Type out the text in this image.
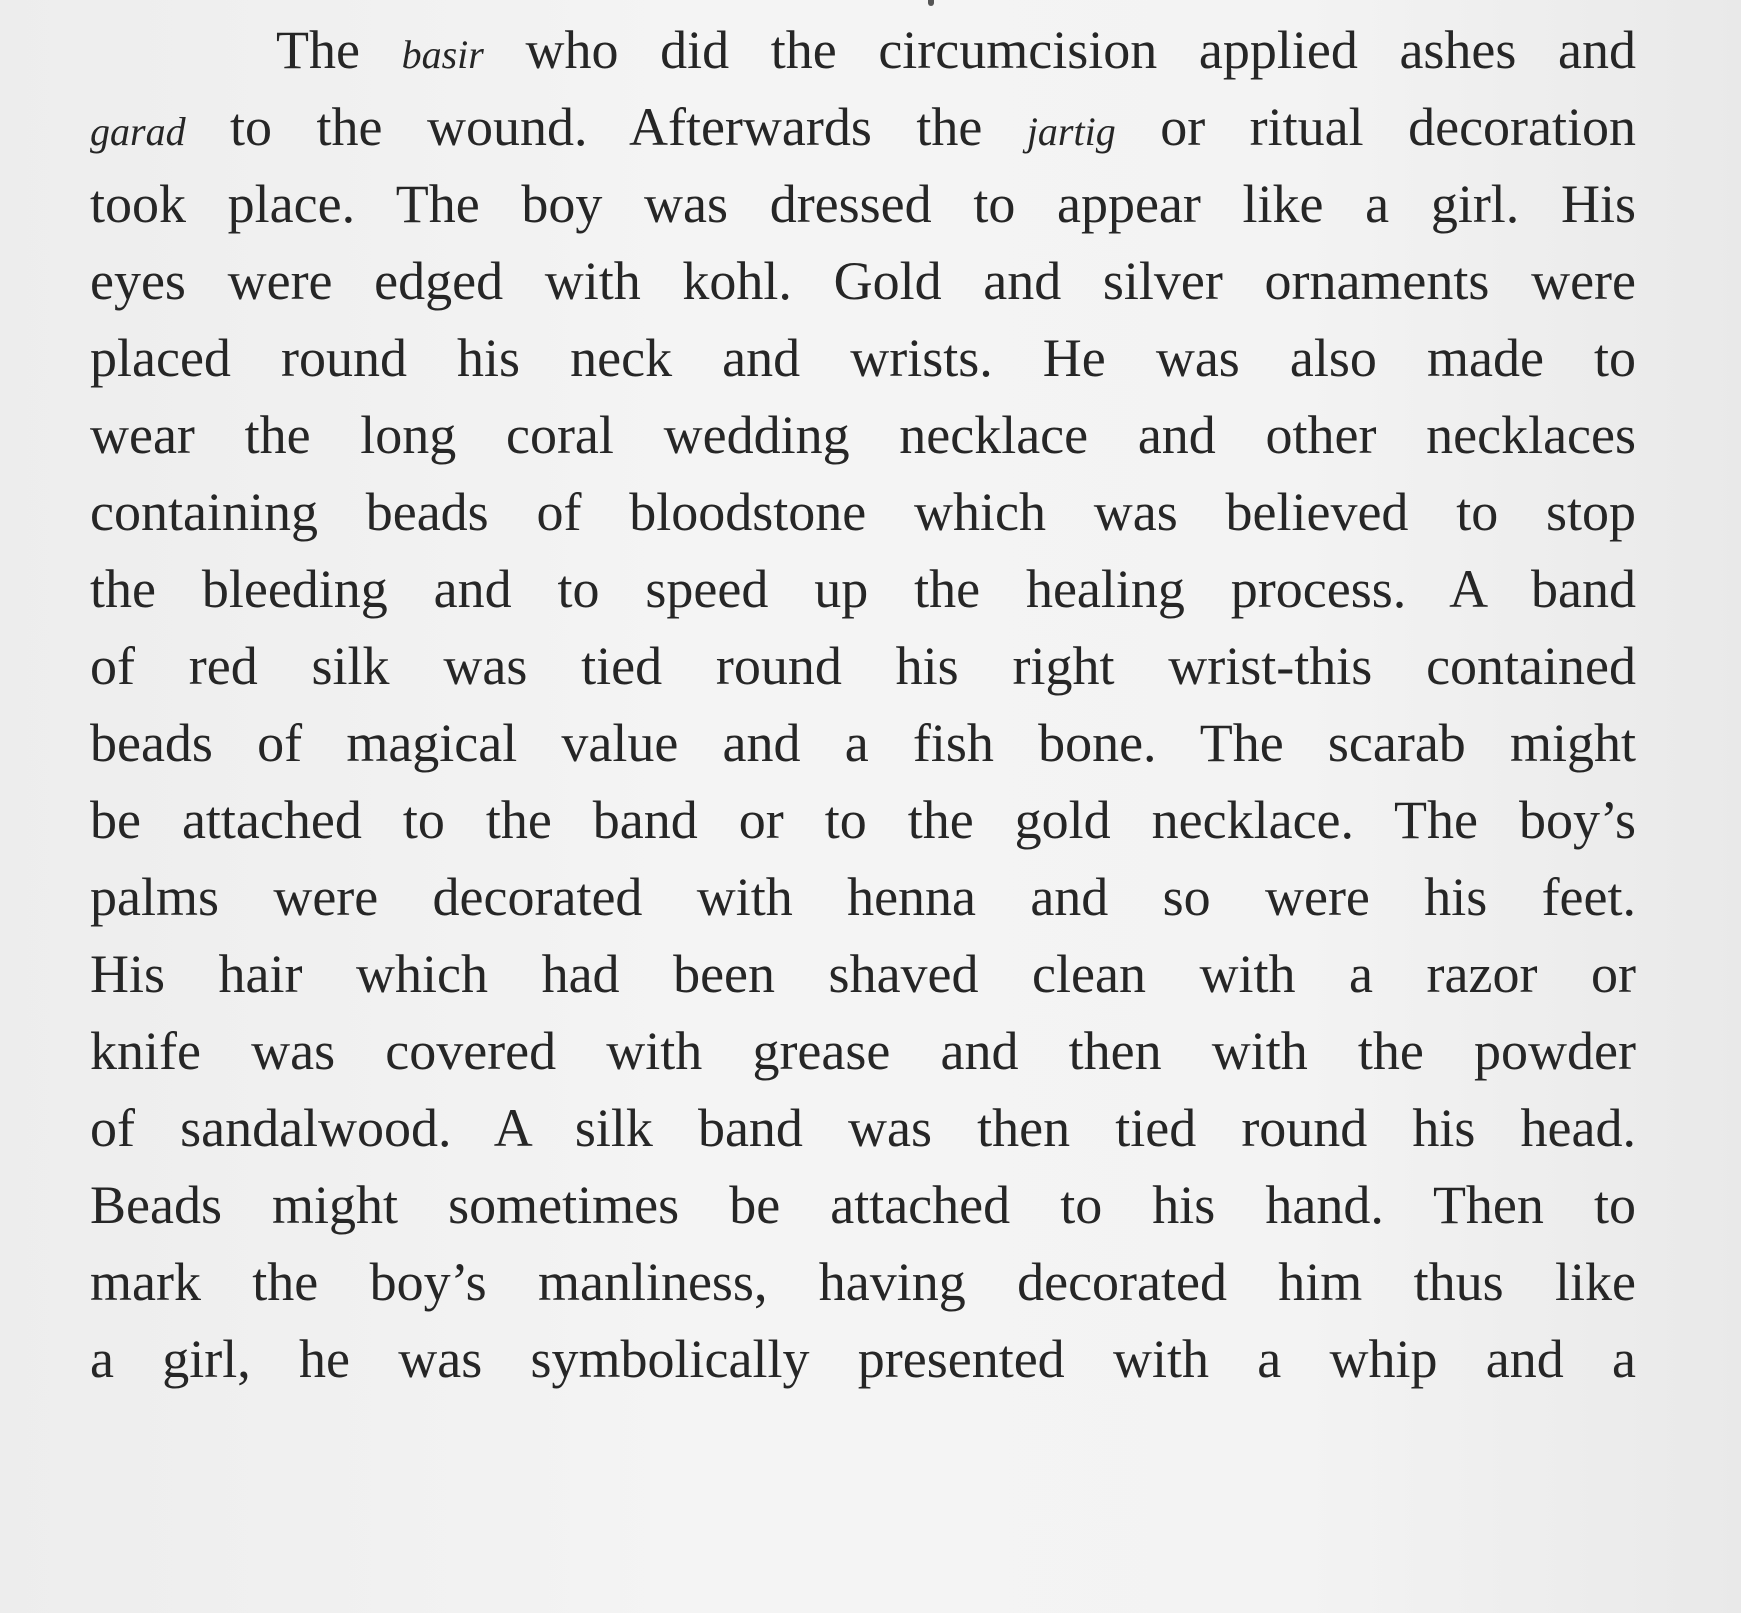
The basir who did the circumcision applied ashes and
garad to the wound. Afterwards the jartig or ritual decoration
took place. The boy was dressed to appear like a girl. His
eyes were edged with kohl. Gold and silver ornaments were
placed round his neck and wrists. He was also made to
wear the long coral wedding necklace and other necklaces
containing beads of bloodstone which was believed to stop
the bleeding and to speed up the healing process. A band
of red silk was tied round his right wrist-this contained
beads of magical value and a fish bone. The scarab might
be attached to the band or to the gold necklace. The boy’s
palms were decorated with henna and so were his feet.
His hair which had been shaved clean with a razor or
knife was covered with grease and then with the powder
of sandalwood. A silk band was then tied round his head.
Beads might sometimes be attached to his hand. Then to
mark the boy’s manliness, having decorated him thus like
a girl, he was symbolically presented with a whip and a
